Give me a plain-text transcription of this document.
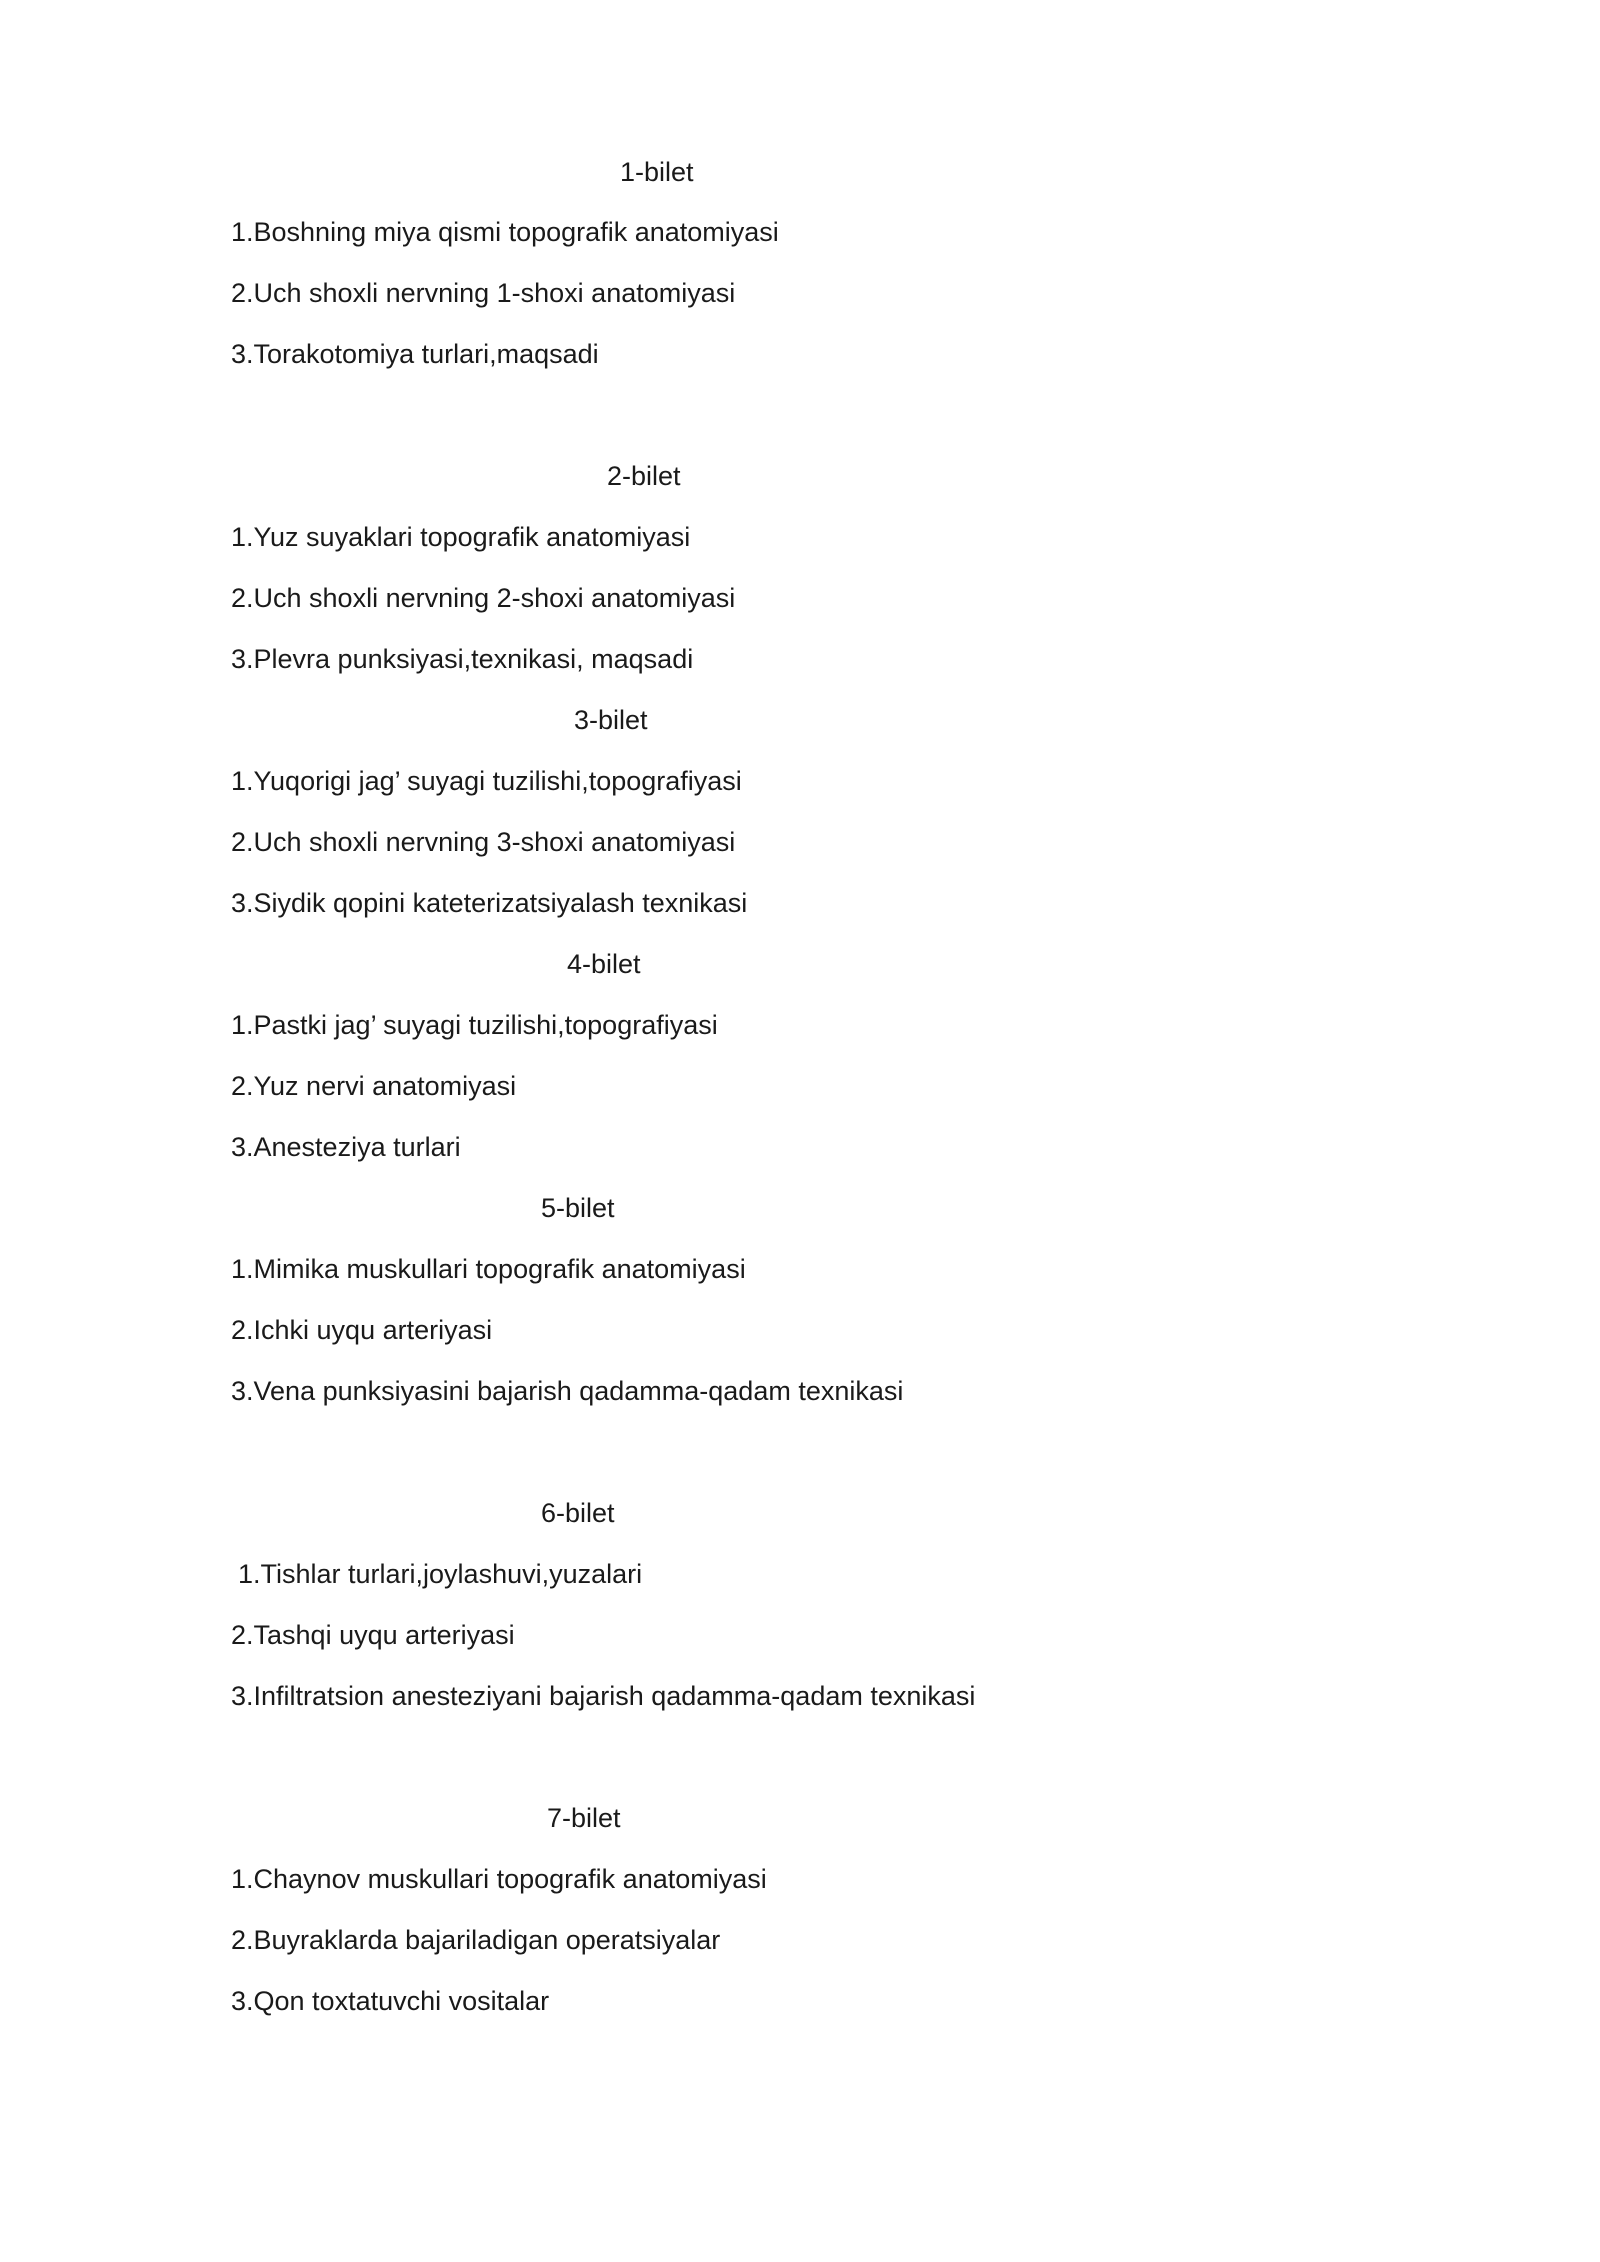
1-bilet
1.Boshning miya qismi topografik anatomiyasi
2.Uch shoxli nervning 1-shoxi anatomiyasi
3.Torakotomiya turlari,maqsadi
2-bilet
1.Yuz suyaklari topografik anatomiyasi
2.Uch shoxli nervning 2-shoxi anatomiyasi
3.Plevra punksiyasi,texnikasi, maqsadi
3-bilet
1.Yuqorigi jag’ suyagi tuzilishi,topografiyasi
2.Uch shoxli nervning 3-shoxi anatomiyasi
3.Siydik qopini kateterizatsiyalash texnikasi
4-bilet
1.Pastki jag’ suyagi tuzilishi,topografiyasi
2.Yuz nervi anatomiyasi
3.Anesteziya turlari
5-bilet
1.Mimika muskullari topografik anatomiyasi
2.Ichki uyqu arteriyasi
3.Vena punksiyasini bajarish qadamma-qadam texnikasi
6-bilet
1.Tishlar turlari,joylashuvi,yuzalari
2.Tashqi uyqu arteriyasi
3.Infiltratsion anesteziyani bajarish qadamma-qadam texnikasi
7-bilet
1.Chaynov muskullari topografik anatomiyasi
2.Buyraklarda bajariladigan operatsiyalar
3.Qon toxtatuvchi vositalar
